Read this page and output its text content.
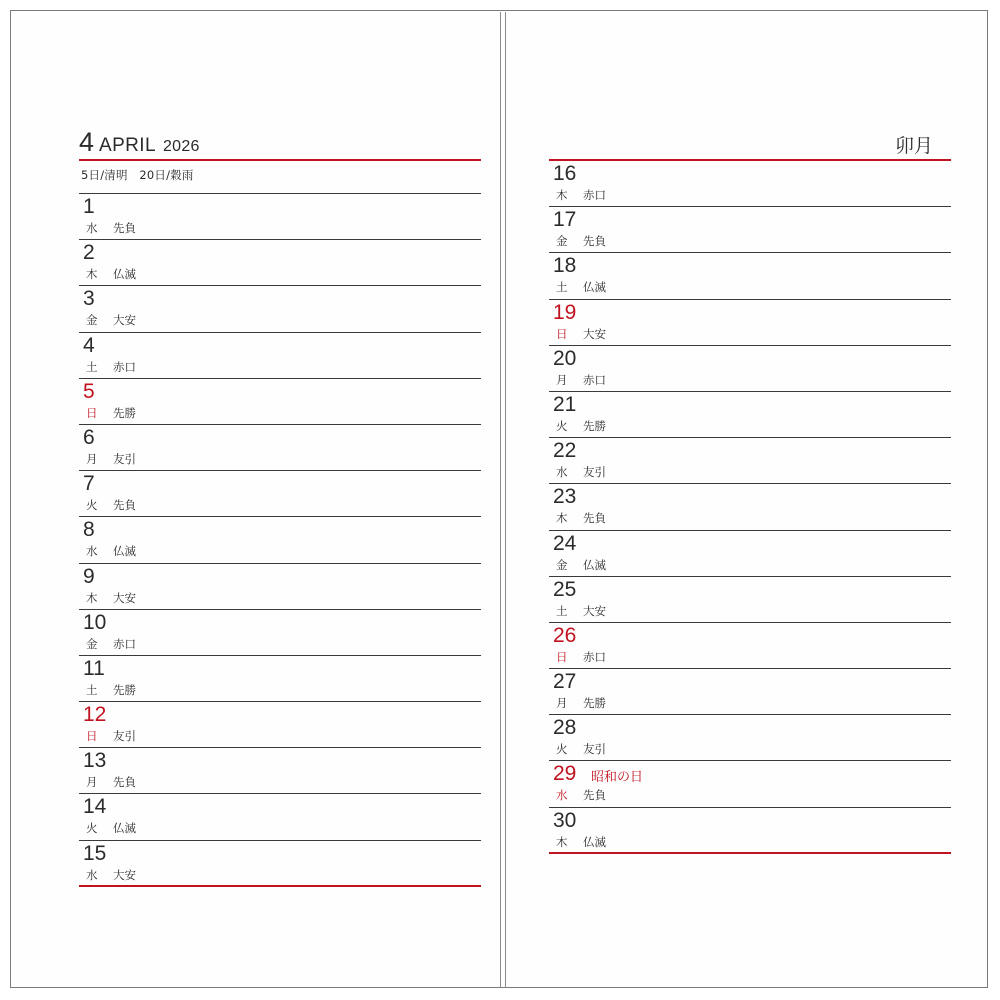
4 APRIL 2026
5日/清明　20日/穀雨
1
水 先負
2
木 仏滅
3
金 大安
4
土 赤口
5
日 先勝
6
月 友引
7
火 先負
8
水 仏滅
9
木 大安
10
金 赤口
11
土 先勝
12
日 友引
13
月 先負
14
火 仏滅
15
水 大安
卯月
16
木 赤口
17
金 先負
18
土 仏滅
19
日 大安
20
月 赤口
21
火 先勝
22
水 友引
23
木 先負
24
金 仏滅
25
土 大安
26
日 赤口
27
月 先勝
28
火 友引
29
水 先負
昭和の日
30
木 仏滅
